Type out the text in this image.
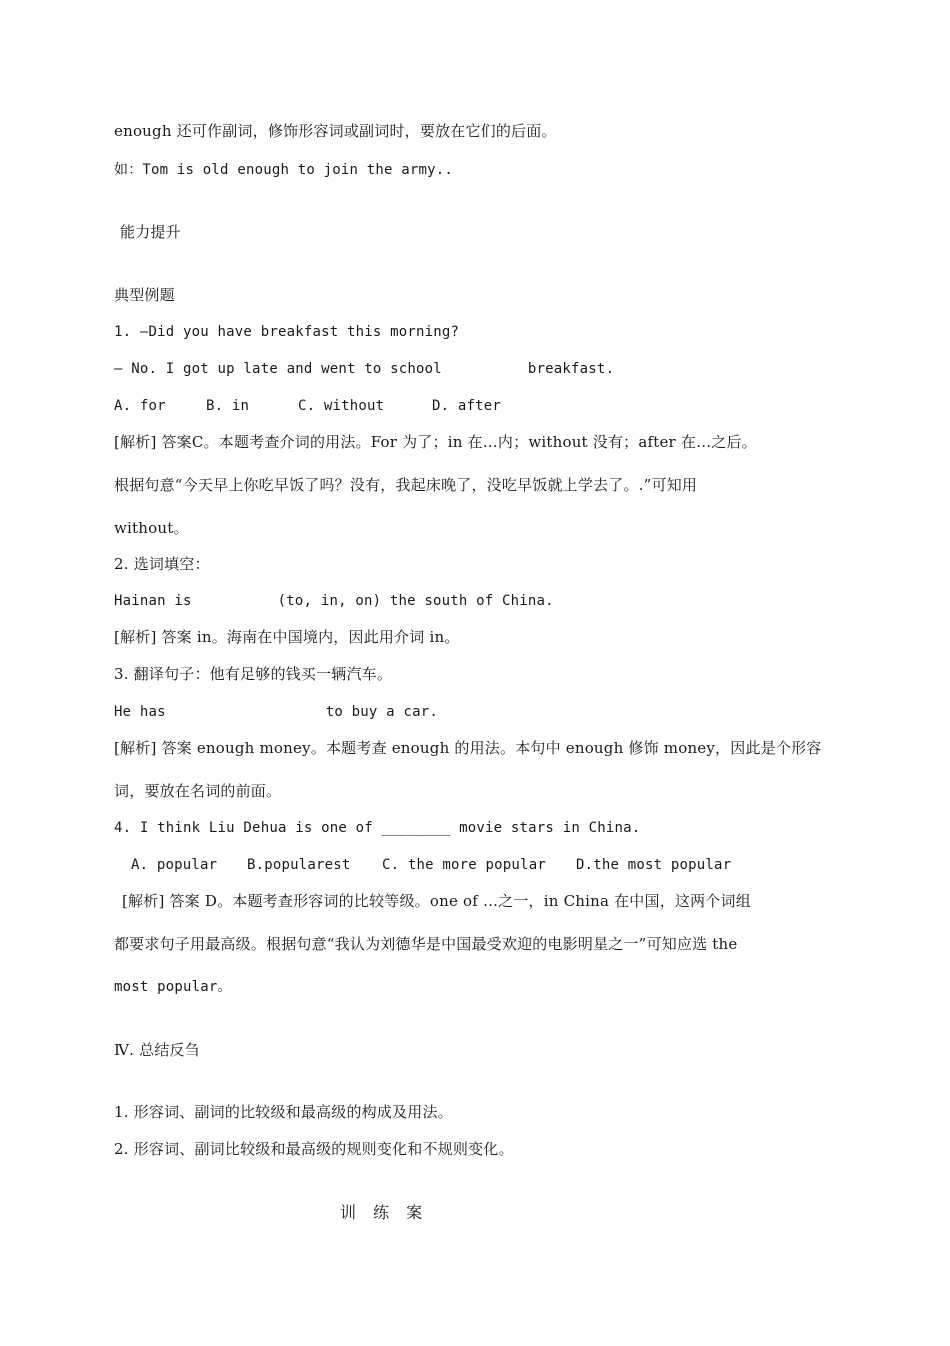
enough 还可作副词，修饰形容词或副词时，要放在它们的后面。
如：Tom is old enough to join the army..
能力提升
典型例题
1. —Did you have breakfast this morning?
— No. I got up late and went to school	breakfast.
A. for	B. in	C. without	D. after
[解析] 答案C。本题考查介词的用法。For 为了；in 在…内；without 没有；after 在…之后。
根据句意“今天早上你吃早饭了吗？没有，我起床晚了，没吃早饭就上学去了。.”可知用
without。
2. 选词填空：
Hainan is	(to, in, on) the south of China.
[解析] 答案 in。海南在中国境内，因此用介词 in。
3. 翻译句子：他有足够的钱买一辆汽车。
He has	to buy a car.
[解析] 答案 enough money。本题考查 enough 的用法。本句中 enough 修饰 money，因此是个形容
词，要放在名词的前面。
4. I think Liu Dehua is one of ________ movie stars in China.
A. popular B.popularest C. the more popular D.the most popular
[解析] 答案 D。本题考查形容词的比较等级。one of …之一，in China 在中国，这两个词组
都要求句子用最高级。根据句意“我认为刘德华是中国最受欢迎的电影明星之一”可知应选 the
most popular。
Ⅳ. 总结反刍
1. 形容词、副词的比较级和最高级的构成及用法。
2. 形容词、副词比较级和最高级的规则变化和不规则变化。
训 练 案
